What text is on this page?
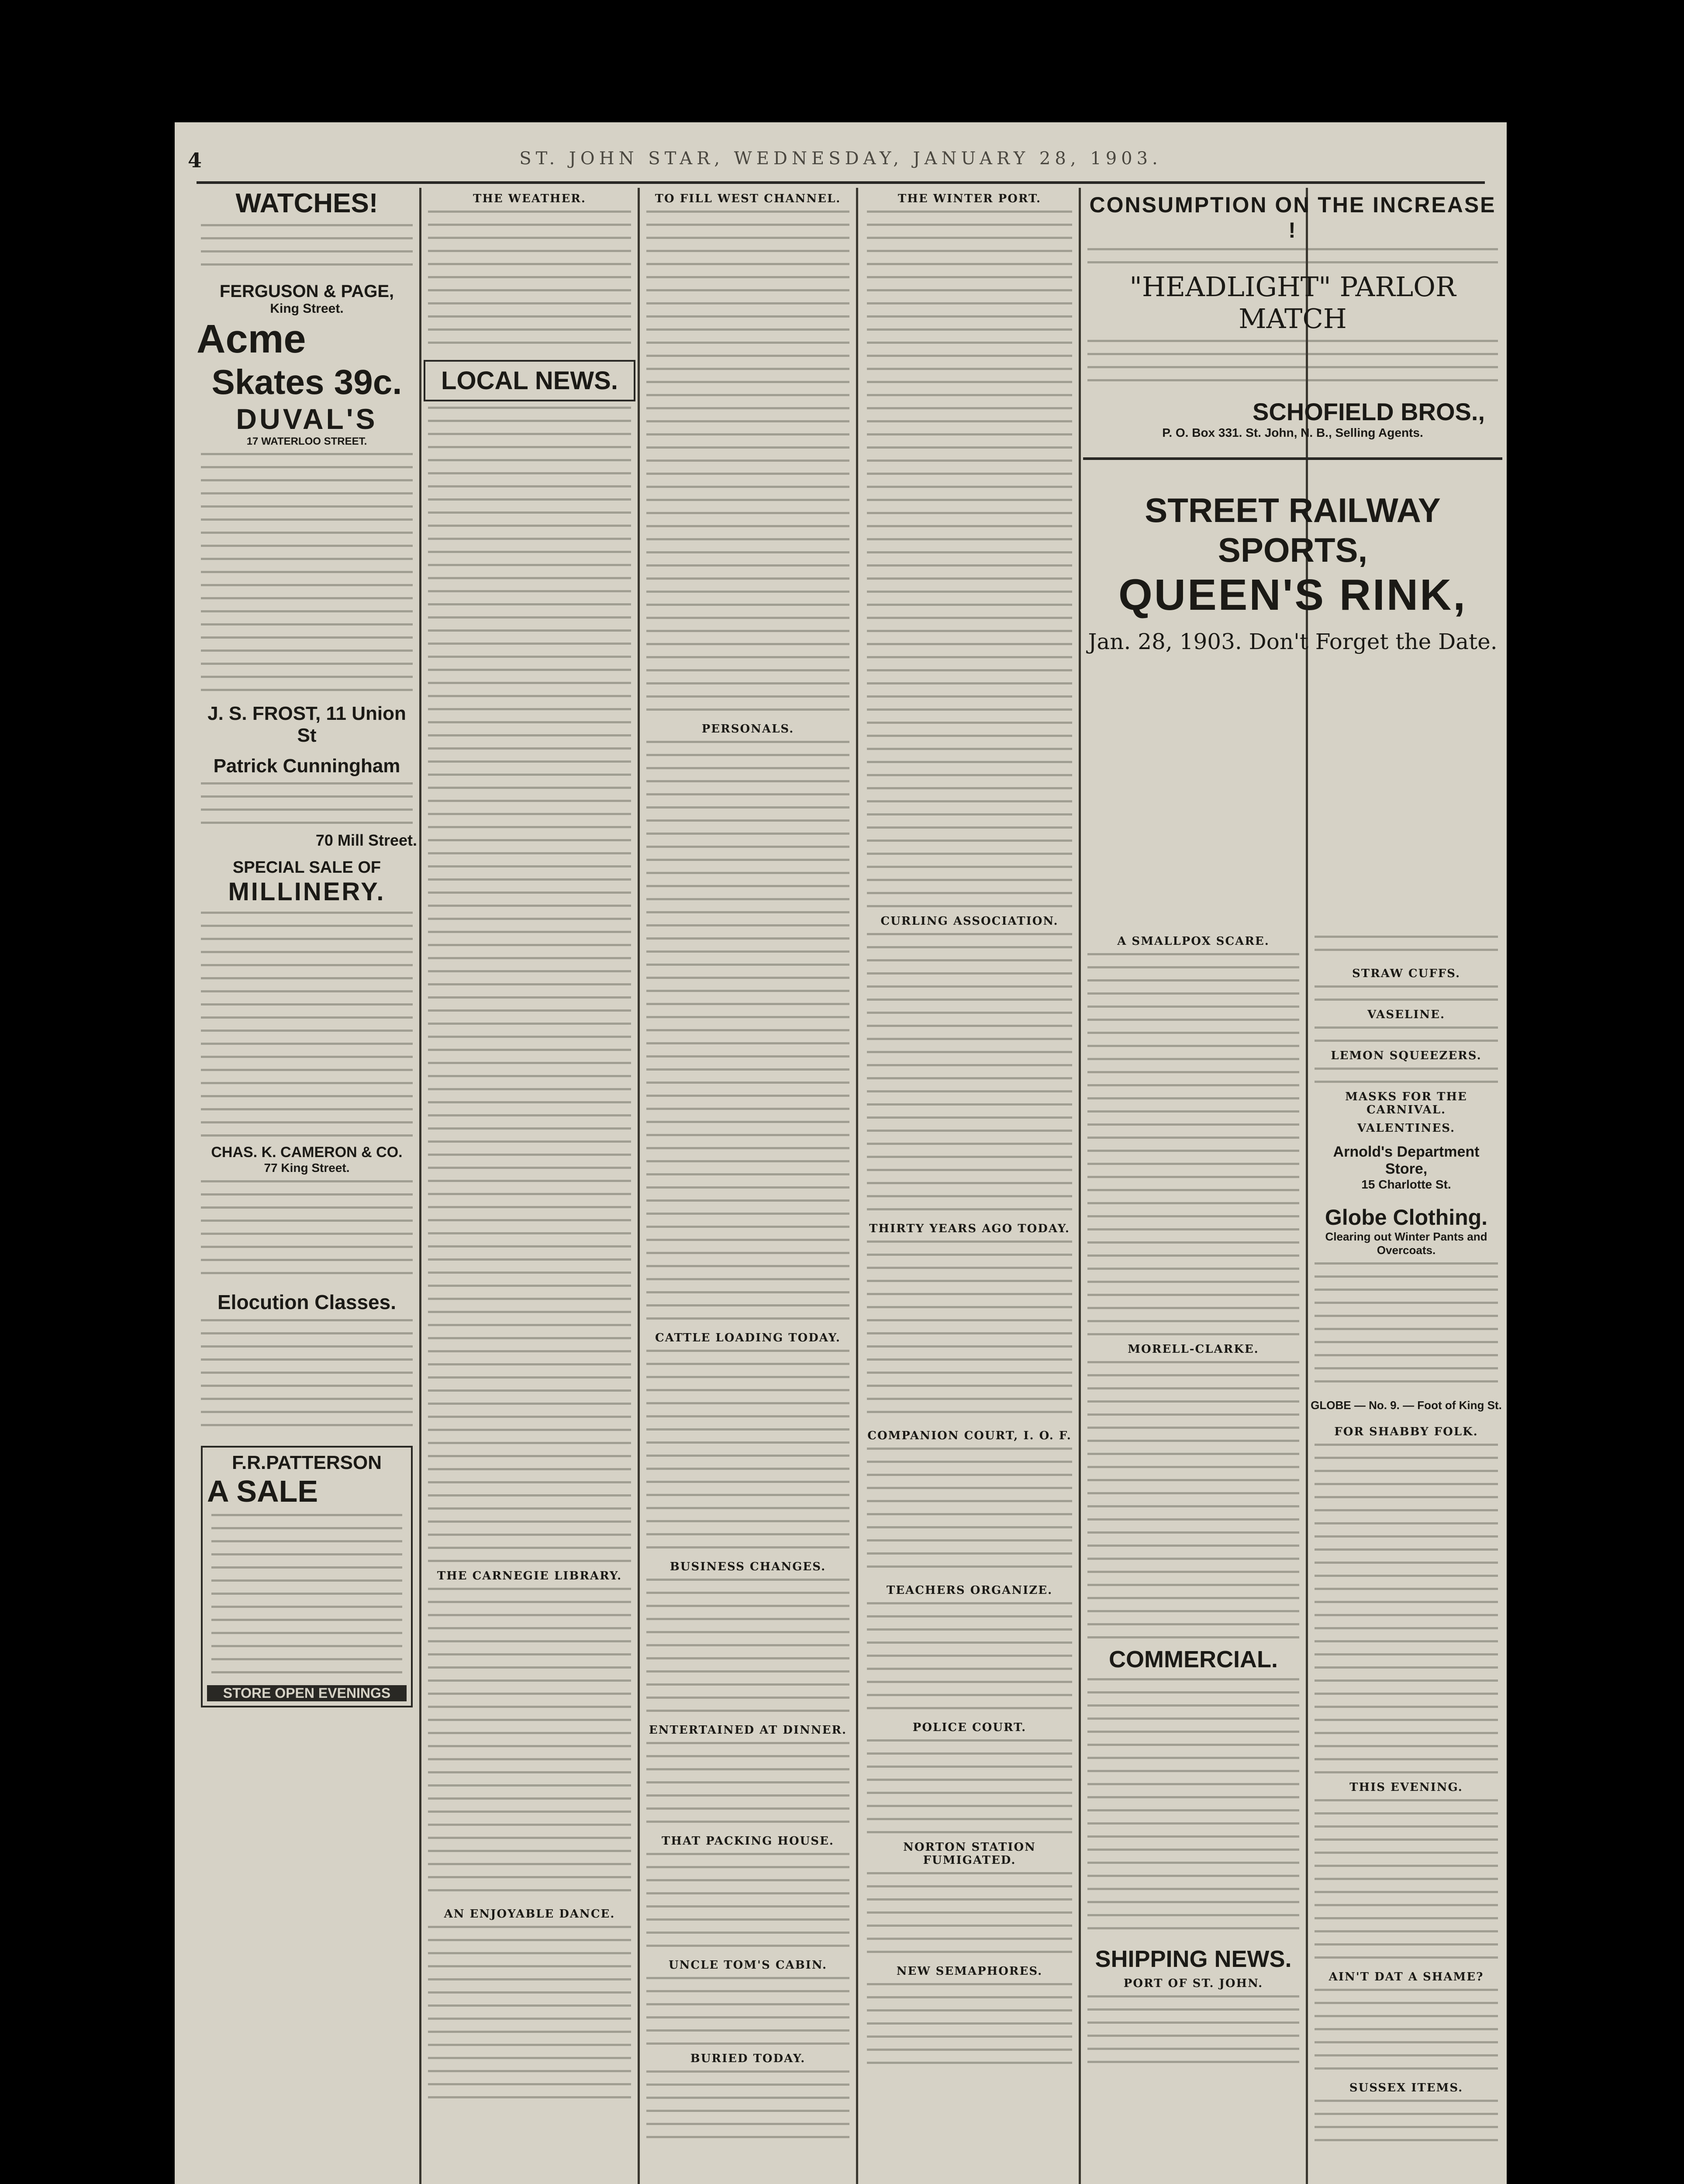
4	ST. JOHN STAR, WEDNESDAY, JANUARY 28, 1903.
WATCHES!
FERGUSON & PAGE,
King Street.
Acme
Skates 39c.
DUVAL'S
17 WATERLOO STREET.
J. S. FROST, 11 Union St
Patrick Cunningham
70 Mill Street.
SPECIAL SALE OF
MILLINERY.
CHAS. K. CAMERON & CO.
77 King Street.
Elocution Classes.
F.R.PATTERSON
A SALE
STORE OPEN EVENINGS
THE WEATHER.
LOCAL NEWS.
THE CARNEGIE LIBRARY.
AN ENJOYABLE DANCE.
TO FILL WEST CHANNEL.
PERSONALS.
CATTLE LOADING TODAY.
BUSINESS CHANGES.
ENTERTAINED AT DINNER.
THAT PACKING HOUSE.
UNCLE TOM'S CABIN.
BURIED TODAY.
THE WINTER PORT.
CURLING ASSOCIATION.
THIRTY YEARS AGO TODAY.
COMPANION COURT, I. O. F.
TEACHERS ORGANIZE.
POLICE COURT.
NORTON STATION FUMIGATED.
NEW SEMAPHORES.
CONSUMPTION ON THE INCREASE !
"HEADLIGHT" PARLOR MATCH
SCHOFIELD BROS.,
P. O. Box 331. St. John, N. B., Selling Agents.
STREET RAILWAY SPORTS,
QUEEN'S RINK,
Jan. 28, 1903. Don't Forget the Date.
A SMALLPOX SCARE.
MORELL-CLARKE.
COMMERCIAL.
SHIPPING NEWS.
PORT OF ST. JOHN.
STRAW CUFFS.
VASELINE.
LEMON SQUEEZERS.
MASKS FOR THE CARNIVAL.
VALENTINES.
Arnold's Department Store,
15 Charlotte St.
Globe Clothing.
Clearing out Winter Pants and Overcoats.
GLOBE — No. 9. — Foot of King St.
FOR SHABBY FOLK.
THIS EVENING.
AIN'T DAT A SHAME?
SUSSEX ITEMS.
